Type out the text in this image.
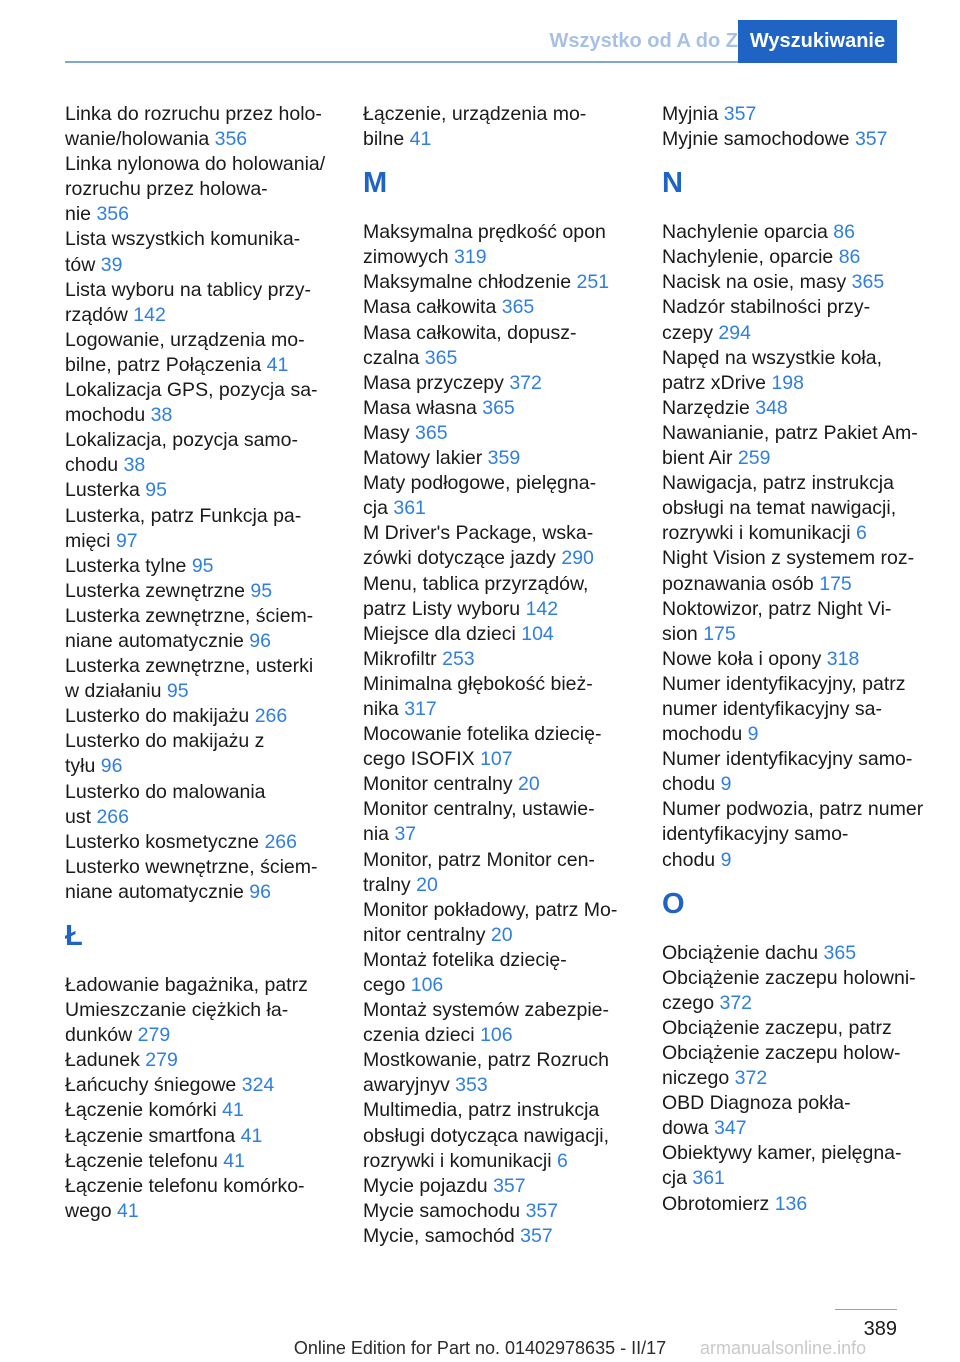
Wszystko od A do Z Wyszukiwanie
Linka do rozruchu przez holo-
wanie/holowania 356
Linka nylonowa do holowania/
rozruchu przez holowa-
nie 356
Lista wszystkich komunika-
tów 39
Lista wyboru na tablicy przy-
rządów 142
Logowanie, urządzenia mo-
bilne, patrz Połączenia 41
Lokalizacja GPS, pozycja sa-
mochodu 38
Lokalizacja, pozycja samo-
chodu 38
Lusterka 95
Lusterka, patrz Funkcja pa-
mięci 97
Lusterka tylne 95
Lusterka zewnętrzne 95
Lusterka zewnętrzne, ściem-
niane automatycznie 96
Lusterka zewnętrzne, usterki
w działaniu 95
Lusterko do makijażu 266
Lusterko do makijażu z
tyłu 96
Lusterko do malowania
ust 266
Lusterko kosmetyczne 266
Lusterko wewnętrzne, ściem-
niane automatycznie 96
Ł
Ładowanie bagażnika, patrz
Umieszczanie ciężkich ła-
dunków 279
Ładunek 279
Łańcuchy śniegowe 324
Łączenie komórki 41
Łączenie smartfona 41
Łączenie telefonu 41
Łączenie telefonu komórko-
wego 41
Łączenie, urządzenia mo-
bilne 41
M
Maksymalna prędkość opon
zimowych 319
Maksymalne chłodzenie 251
Masa całkowita 365
Masa całkowita, dopusz-
czalna 365
Masa przyczepy 372
Masa własna 365
Masy 365
Matowy lakier 359
Maty podłogowe, pielęgna-
cja 361
M Driver's Package, wska-
zówki dotyczące jazdy 290
Menu, tablica przyrządów,
patrz Listy wyboru 142
Miejsce dla dzieci 104
Mikrofiltr 253
Minimalna głębokość bież-
nika 317
Mocowanie fotelika dziecię-
cego ISOFIX 107
Monitor centralny 20
Monitor centralny, ustawie-
nia 37
Monitor, patrz Monitor cen-
tralny 20
Monitor pokładowy, patrz Mo-
nitor centralny 20
Montaż fotelika dziecię-
cego 106
Montaż systemów zabezpie-
czenia dzieci 106
Mostkowanie, patrz Rozruch
awaryjnyv 353
Multimedia, patrz instrukcja
obsługi dotycząca nawigacji,
rozrywki i komunikacji 6
Mycie pojazdu 357
Mycie samochodu 357
Mycie, samochód 357
Myjnia 357
Myjnie samochodowe 357
N
Nachylenie oparcia 86
Nachylenie, oparcie 86
Nacisk na osie, masy 365
Nadzór stabilności przy-
czepy 294
Napęd na wszystkie koła,
patrz xDrive 198
Narzędzie 348
Nawanianie, patrz Pakiet Am-
bient Air 259
Nawigacja, patrz instrukcja
obsługi na temat nawigacji,
rozrywki i komunikacji 6
Night Vision z systemem roz-
poznawania osób 175
Noktowizor, patrz Night Vi-
sion 175
Nowe koła i opony 318
Numer identyfikacyjny, patrz
numer identyfikacyjny sa-
mochodu 9
Numer identyfikacyjny samo-
chodu 9
Numer podwozia, patrz numer
identyfikacyjny samo-
chodu 9
O
Obciążenie dachu 365
Obciążenie zaczepu holowni-
czego 372
Obciążenie zaczepu, patrz
Obciążenie zaczepu holow-
niczego 372
OBD Diagnoza pokła-
dowa 347
Obiektywy kamer, pielęgna-
cja 361
Obrotomierz 136
389
Online Edition for Part no. 01402978635 - II/17	armanualsonline.info
